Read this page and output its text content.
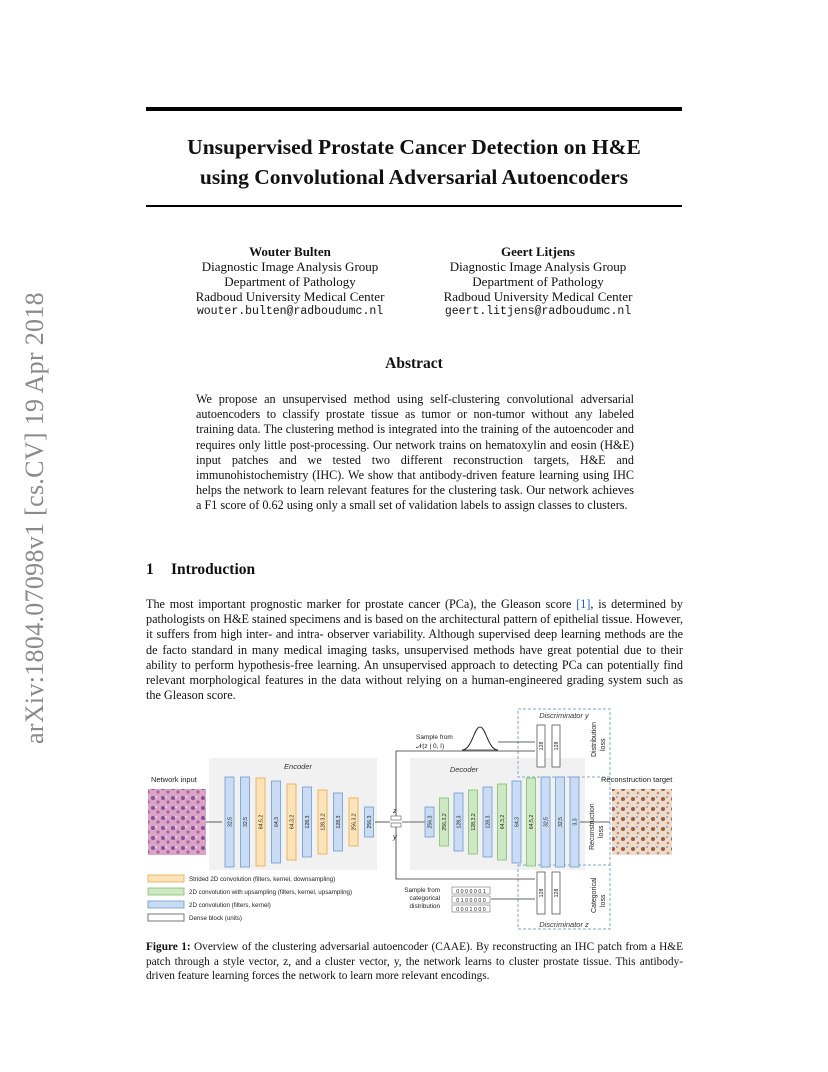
arXiv:1804.07098v1 [cs.CV] 19 Apr 2018
Unsupervised Prostate Cancer Detection on H&E
using Convolutional Adversarial Autoencoders
Wouter Bulten
Diagnostic Image Analysis Group
Department of Pathology
Radboud University Medical Center
wouter.bulten@radboudumc.nl
Geert Litjens
Diagnostic Image Analysis Group
Department of Pathology
Radboud University Medical Center
geert.litjens@radboudumc.nl
Abstract
We propose an unsupervised method using self-clustering convolutional adversarial autoencoders to classify prostate tissue as tumor or non-tumor without any labeled training data. The clustering method is integrated into the training of the autoencoder and requires only little post-processing. Our network trains on hematoxylin and eosin (H&E) input patches and we tested two different reconstruction targets, H&E and immunohistochemistry (IHC). We show that antibody-driven feature learning using IHC helps the network to learn relevant features for the clustering task. Our network achieves a F1 score of 0.62 using only a small set of validation labels to assign classes to clusters.
1 Introduction
The most important prognostic marker for prostate cancer (PCa), the Gleason score [1], is determined by pathologists on H&E stained specimens and is based on the architectural pattern of epithelial tissue. However, it suffers from high inter- and intra- observer variability. Although supervised deep learning methods are the de facto standard in many medical imaging tasks, unsupervised methods have great potential due to their ability to perform hypothesis-free learning. An unsupervised approach to detecting PCa can potentially find relevant morphological features in the data without relying on a human-engineered grading system such as the Gleason score.
Discriminator y
Discriminator z
Sample from
𝒩(z | 0, I)
Network input	Reconstruction target
Encoder	Decoder
z
y
Distribution loss
Reconstruction loss
Categorical loss
Sample from
categorical
distribution
0 0 0 0 0 0 1
0 1 0 0 0 0 0
0 0 0 1 0 0 0
32,5 32,5 64,5,2 64,3 64,3,2 128,3 128,3,2 128,3 256,3,2 256,3	256,3 256,3,2 128,3 128,3,2 128,3 64,3,2 64,3 64,5,2 32,5 32,5 3,3
128 128
128 128
Strided 2D convolution (filters, kernel, downsampling)
2D convolution with upsampling (filters, kernel, upsampling)
2D convolution (filters, kernel)
Dense block (units)
Figure 1: Overview of the clustering adversarial autoencoder (CAAE). By reconstructing an IHC patch from a H&E patch through a style vector, z, and a cluster vector, y, the network learns to cluster prostate tissue. This antibody-driven feature learning forces the network to learn more relevant encodings.
